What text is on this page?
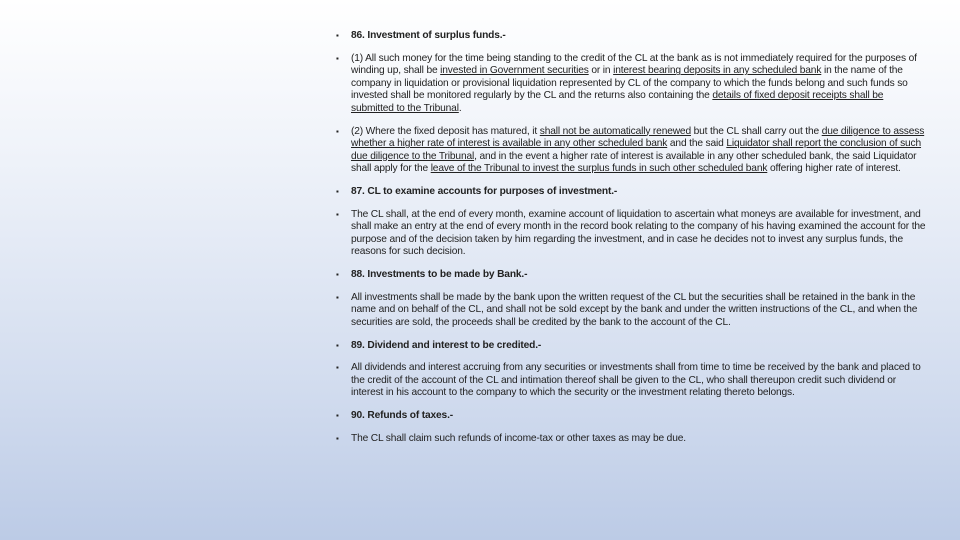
▪ 86. Investment of surplus funds.-
▪ (1) All such money for the time being standing to the credit of the CL at the bank as is not immediately required for the purposes of winding up, shall be invested in Government securities or in interest bearing deposits in any scheduled bank in the name of the company in liquidation or provisional liquidation represented by CL of the company to which the funds belong and such funds so invested shall be monitored regularly by the CL and the returns also containing the details of fixed deposit receipts shall be submitted to the Tribunal.
▪ (2) Where the fixed deposit has matured, it shall not be automatically renewed but the CL shall carry out the due diligence to assess whether a higher rate of interest is available in any other scheduled bank and the said Liquidator shall report the conclusion of such due diligence to the Tribunal, and in the event a higher rate of interest is available in any other scheduled bank, the said Liquidator shall apply for the leave of the Tribunal to invest the surplus funds in such other scheduled bank offering higher rate of interest.
▪ 87. CL to examine accounts for purposes of investment.-
▪ The CL shall, at the end of every month, examine account of liquidation to ascertain what moneys are available for investment, and shall make an entry at the end of every month in the record book relating to the company of his having examined the account for the purpose and of the decision taken by him regarding the investment, and in case he decides not to invest any surplus funds, the reasons for such decision.
▪ 88. Investments to be made by Bank.-
▪ All investments shall be made by the bank upon the written request of the CL but the securities shall be retained in the bank in the name and on behalf of the CL, and shall not be sold except by the bank and under the written instructions of the CL, and when the securities are sold, the proceeds shall be credited by the bank to the account of the CL.
▪ 89. Dividend and interest to be credited.-
▪ All dividends and interest accruing from any securities or investments shall from time to time be received by the bank and placed to the credit of the account of the CL and intimation thereof shall be given to the CL, who shall thereupon credit such dividend or interest in his account to the company to which the security or the investment relating thereto belongs.
▪ 90. Refunds of taxes.-
▪ The CL shall claim such refunds of income-tax or other taxes as may be due.
